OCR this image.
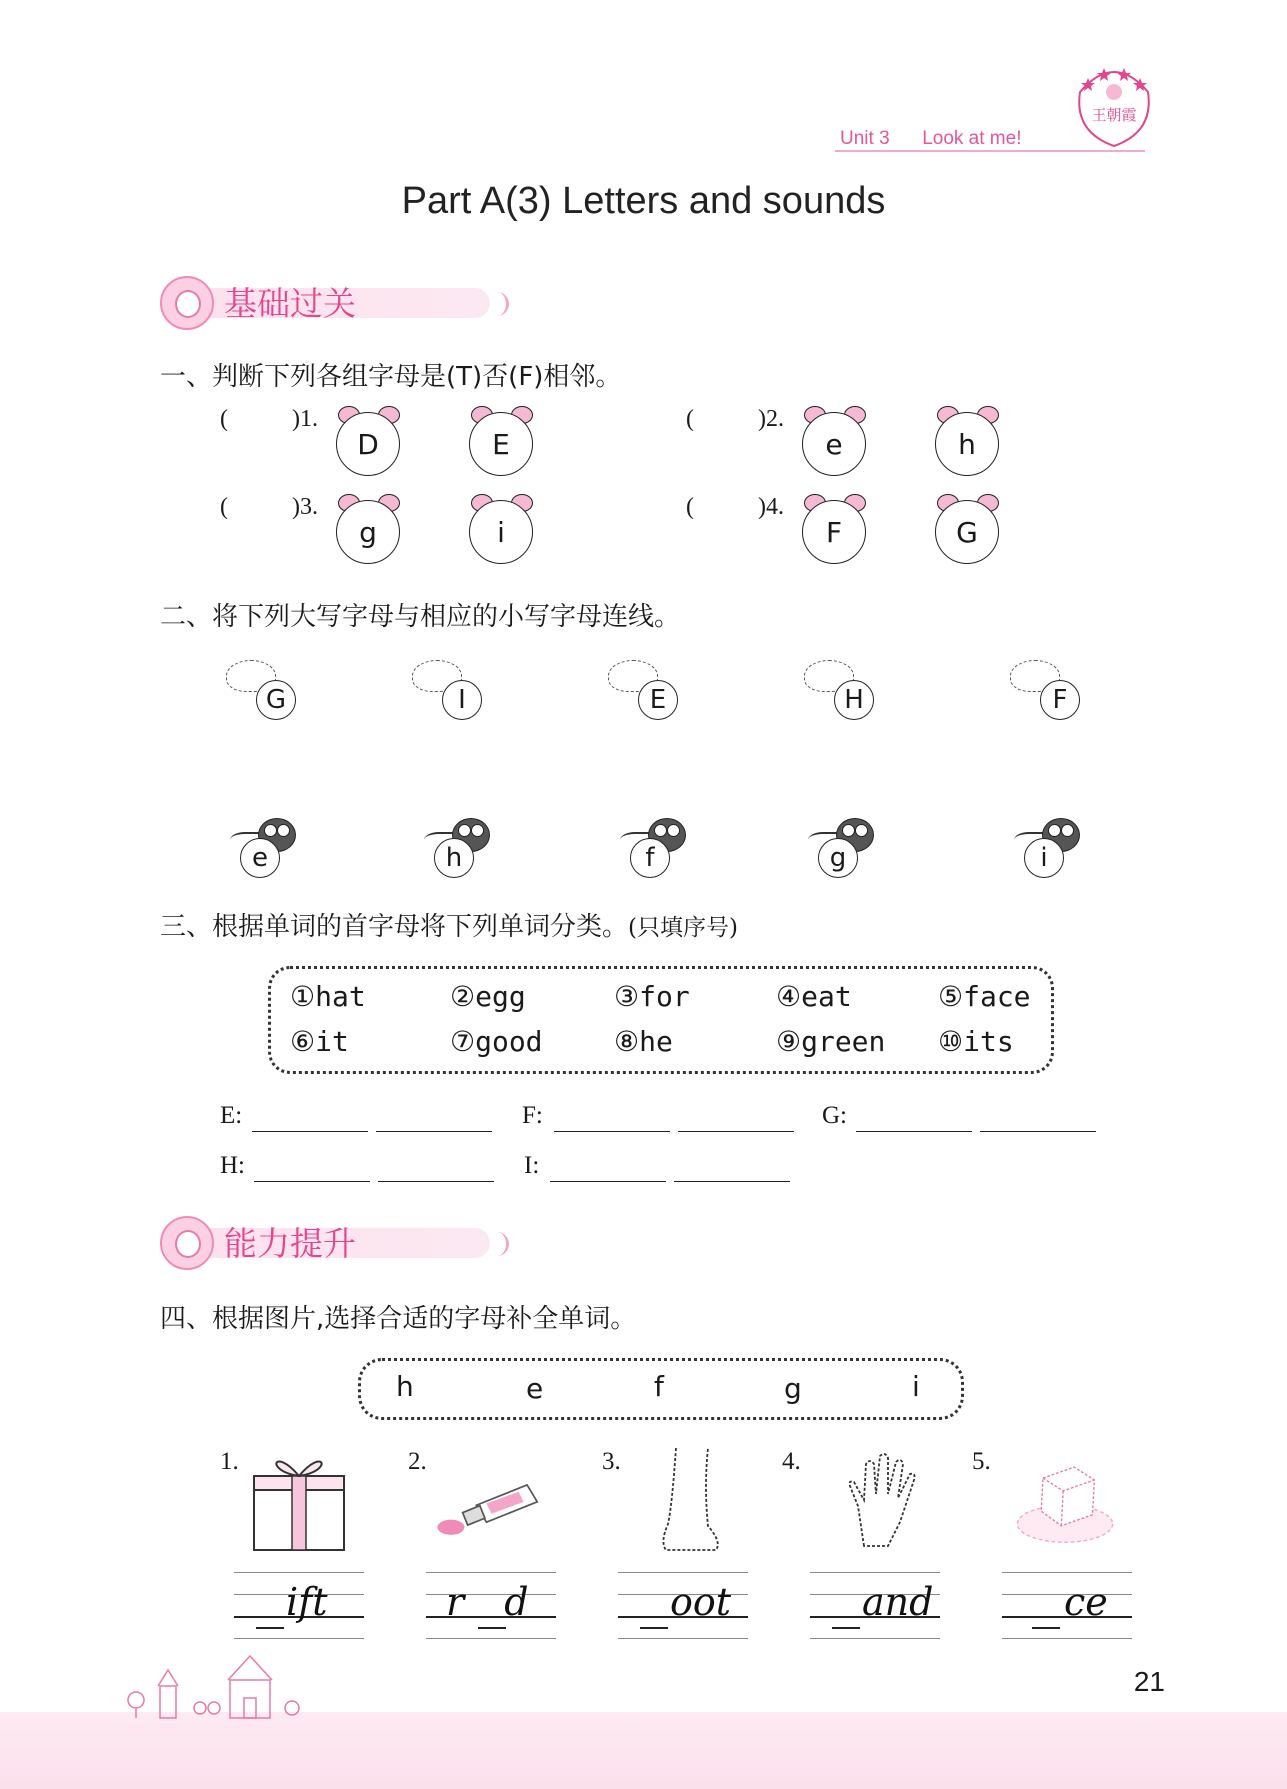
Unit 3 Look at me!
王朝霞
Part A(3) Letters and sounds
基础过关
一、判断下列各组字母是(T)否(F)相邻。
(	)1.
D	E
(	)2.
e	h
(	)3.
g	i
(	)4.
F	G
二、将下列大写字母与相应的小写字母连线。
G	I	E	H	F
e	h	f	g	i
三、根据单词的首字母将下列单词分类。(只填序号)
①hat	②egg	③for	④eat	⑤face
⑥it	⑦good	⑧he	⑨green ⑩its
E:	F:	G:
H:	I:
能力提升
四、根据图片,选择合适的字母补全单词。
h	e	f	g	i
1.	2.	3.	4.	5.
ift	r d	oot	and	ce
21
